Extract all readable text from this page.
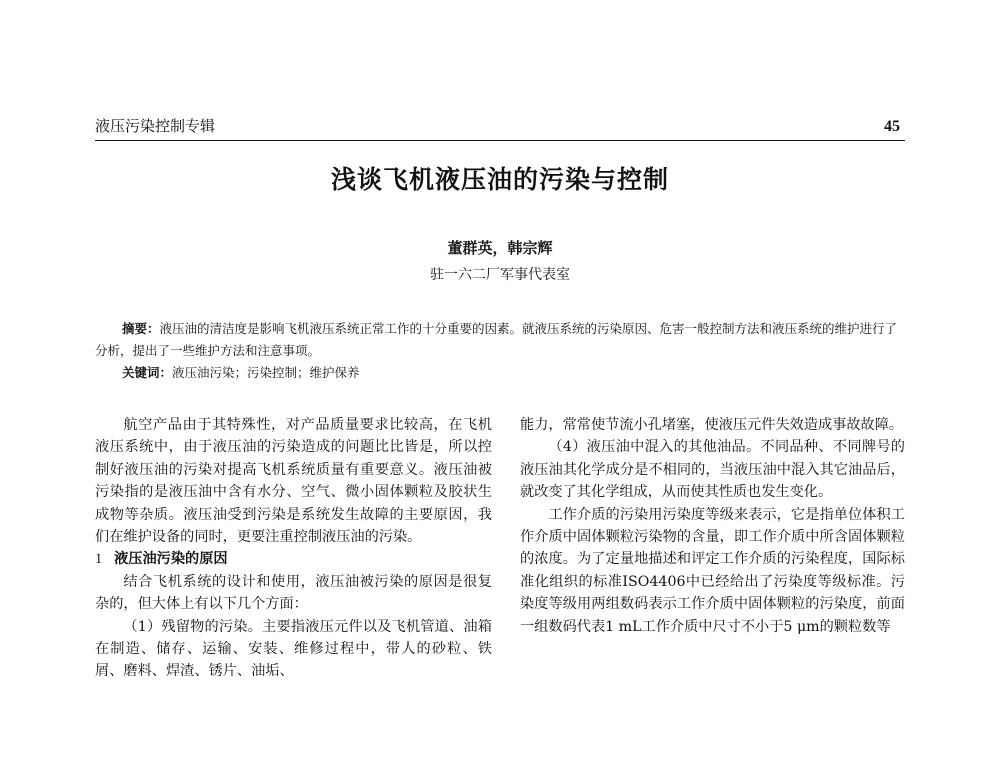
液压污染控制专辑	45
浅谈飞机液压油的污染与控制
董群英，韩宗辉
驻一六二厂军事代表室

摘要：液压油的清洁度是影响飞机液压系统正常工作的十分重要的因素。就液压系统的污染原因、危害一般控制方法和液压系统的维护进行了分析，提出了一些维护方法和注意事项。

关键词：液压油污染；污染控制；维护保养

航空产品由于其特殊性，对产品质量要求比较高，在飞机液压系统中，由于液压油的污染造成的问题比比皆是，所以控制好液压油的污染对提高飞机系统质量有重要意义。液压油被污染指的是液压油中含有水分、空气、微小固体颗粒及胶状生成物等杂质。液压油受到污染是系统发生故障的主要原因，我们在维护设备的同时，更要注重控制液压油的污染。

1 液压油污染的原因

结合飞机系统的设计和使用，液压油被污染的原因是很复杂的，但大体上有以下几个方面：

（1）残留物的污染。主要指液压元件以及飞机管道、油箱在制造、储存、运输、安装、维修过程中，带人的砂粒、铁屑、磨料、焊渣、锈片、油垢、

能力，常常使节流小孔堵塞，使液压元件失效造成事故故障。

（4）液压油中混入的其他油品。不同品种、不同牌号的液压油其化学成分是不相同的，当液压油中混入其它油品后，就改变了其化学组成，从而使其性质也发生变化。

工作介质的污染用污染度等级来表示，它是指单位体积工作介质中固体颗粒污染物的含量，即工作介质中所含固体颗粒的浓度。为了定量地描述和评定工作介质的污染程度，国际标准化组织的标准ISO4406中已经给出了污染度等级标准。污染度等级用两组数码表示工作介质中固体颗粒的污染度，前面一组数码代表1 mL工作介质中尺寸不小于5 μm的颗粒数等
